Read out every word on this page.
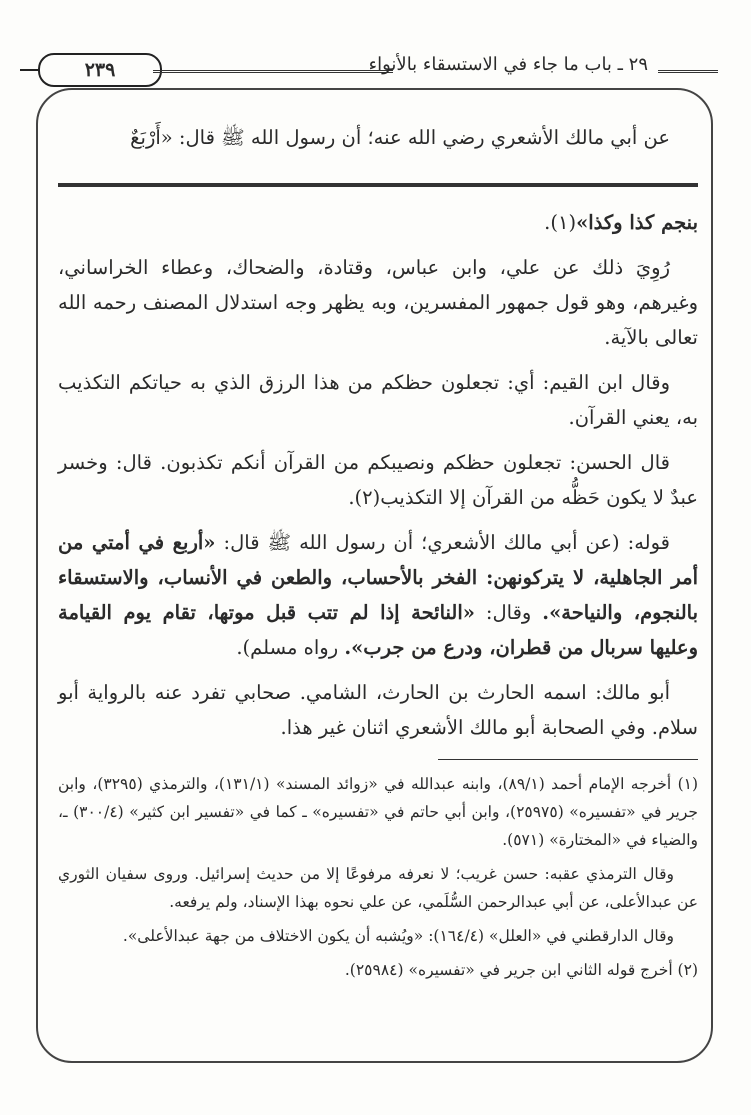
٢٣٩	٢٩ ـ باب ما جاء في الاستسقاء بالأنواء

عن أبي مالك الأشعري رضي الله عنه؛ أن رسول الله ﷺ قال: «أَرْبَعٌ

بنجم كذا وكذا»(١).

رُوِيَ ذلك عن علي، وابن عباس، وقتادة، والضحاك، وعطاء الخراساني، وغيرهم، وهو قول جمهور المفسرين، وبه يظهر وجه استدلال المصنف رحمه الله تعالى بالآية.

وقال ابن القيم: أي: تجعلون حظكم من هذا الرزق الذي به حياتكم التكذيب به، يعني القرآن.

قال الحسن: تجعلون حظكم ونصيبكم من القرآن أنكم تكذبون. قال: وخسر عبدٌ لا يكون حَظُّه من القرآن إلا التكذيب(٢).

قوله: (عن أبي مالك الأشعري؛ أن رسول الله ﷺ قال: «أربع في أمتي من أمر الجاهلية، لا يتركونهن: الفخر بالأحساب، والطعن في الأنساب، والاستسقاء بالنجوم، والنياحة». وقال: «النائحة إذا لم تتب قبل موتها، تقام يوم القيامة وعليها سربال من قطران، ودرع من جرب». رواه مسلم).

أبو مالك: اسمه الحارث بن الحارث، الشامي. صحابي تفرد عنه بالرواية أبو سلام. وفي الصحابة أبو مالك الأشعري اثنان غير هذا.

(١) أخرجه الإمام أحمد (٨٩/١)، وابنه عبدالله في «زوائد المسند» (١٣١/١)، والترمذي (٣٢٩٥)، وابن جرير في «تفسيره» (٢٥٩٧٥)، وابن أبي حاتم في «تفسيره» ـ كما في «تفسير ابن كثير» (٣٠٠/٤) ـ، والضياء في «المختارة» (٥٧١).

وقال الترمذي عقبه: حسن غريب؛ لا نعرفه مرفوعًا إلا من حديث إسرائيل. وروى سفيان الثوري عن عبدالأعلى، عن أبي عبدالرحمن السُّلَمي، عن علي نحوه بهذا الإسناد، ولم يرفعه.

وقال الدارقطني في «العلل» (١٦٤/٤): «ويُشبه أن يكون الاختلاف من جهة عبدالأعلى».

(٢) أخرج قوله الثاني ابن جرير في «تفسيره» (٢٥٩٨٤).
